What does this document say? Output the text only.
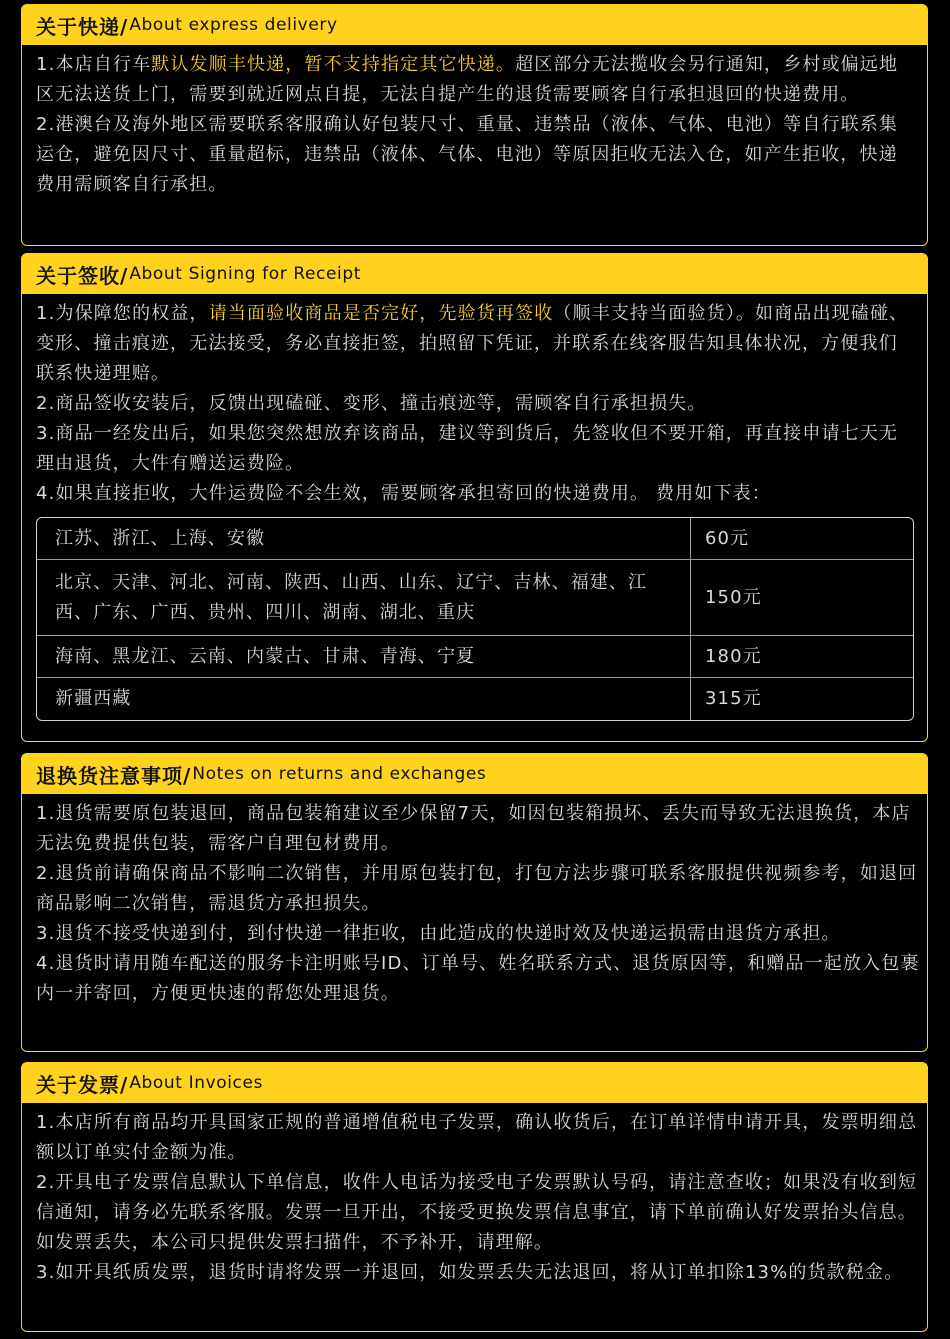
关于快递/ About express delivery

1.本店自行车默认发顺丰快递，暂不支持指定其它快递。超区部分无法揽收会另行通知，乡村或偏远地区无法送货上门，需要到就近网点自提，无法自提产生的退货需要顾客自行承担退回的快递费用。

2.港澳台及海外地区需要联系客服确认好包装尺寸、重量、违禁品（液体、气体、电池）等自行联系集运仓，避免因尺寸、重量超标，违禁品（液体、气体、电池）等原因拒收无法入仓，如产生拒收，快递费用需顾客自行承担。

关于签收/ About Signing for Receipt

1.为保障您的权益，请当面验收商品是否完好，先验货再签收（顺丰支持当面验货）。如商品出现磕碰、变形、撞击痕迹，无法接受，务必直接拒签，拍照留下凭证，并联系在线客服告知具体状况，方便我们联系快递理赔。

2.商品签收安装后，反馈出现磕碰、变形、撞击痕迹等，需顾客自行承担损失。

3.商品一经发出后，如果您突然想放弃该商品，建议等到货后，先签收但不要开箱，再直接申请七天无理由退货，大件有赠送运费险。

4.如果直接拒收，大件运费险不会生效，需要顾客承担寄回的快递费用。 费用如下表：

江苏、浙江、上海、安徽	60元

北京、天津、河北、河南、陕西、山西、山东、辽宁、吉林、福建、江西、广东、广西、贵州、四川、湖南、湖北、重庆	150元
海南、黑龙江、云南、内蒙古、甘肃、青海、宁夏	180元
新疆西藏	315元
退换货注意事项/ Notes on returns and exchanges

1.退货需要原包装退回，商品包装箱建议至少保留7天，如因包装箱损坏、丢失而导致无法退换货，本店无法免费提供包装，需客户自理包材费用。

2.退货前请确保商品不影响二次销售，并用原包装打包，打包方法步骤可联系客服提供视频参考，如退回商品影响二次销售，需退货方承担损失。

3.退货不接受快递到付，到付快递一律拒收，由此造成的快递时效及快递运损需由退货方承担。

4.退货时请用随车配送的服务卡注明账号ID、订单号、姓名联系方式、退货原因等，和赠品一起放入包裹内一并寄回，方便更快速的帮您处理退货。

关于发票/ About Invoices

1.本店所有商品均开具国家正规的普通增值税电子发票，确认收货后，在订单详情申请开具，发票明细总额以订单实付金额为准。

2.开具电子发票信息默认下单信息，收件人电话为接受电子发票默认号码，请注意查收；如果没有收到短信通知，请务必先联系客服。发票一旦开出，不接受更换发票信息事宜，请下单前确认好发票抬头信息。如发票丢失，本公司只提供发票扫描件，不予补开，请理解。

3.如开具纸质发票，退货时请将发票一并退回，如发票丢失无法退回，将从订单扣除13%的货款税金。
